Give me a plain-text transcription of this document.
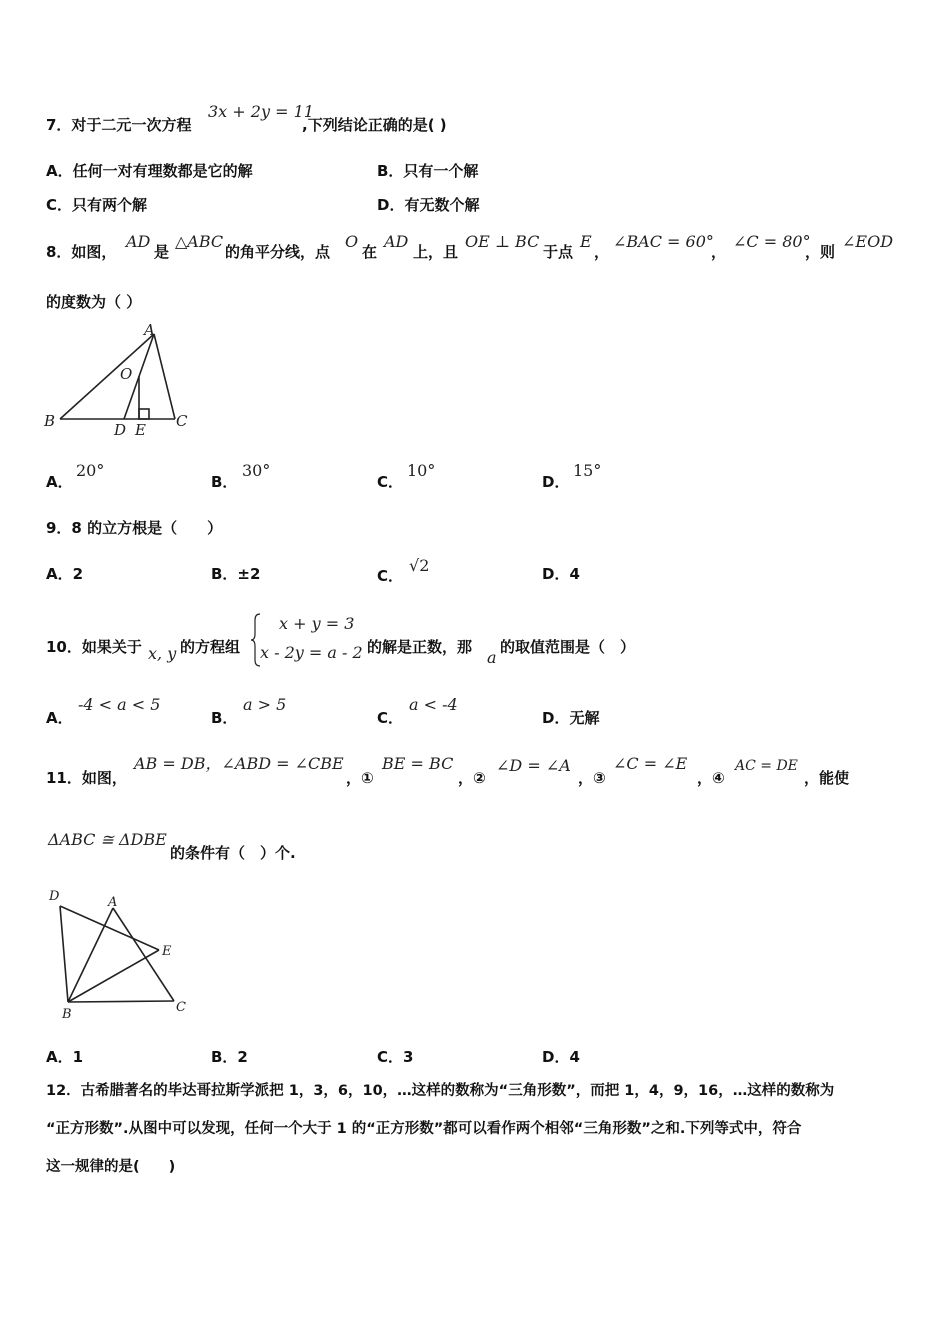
7．对于二元一次方程
3x + 2y = 11
,下列结论正确的是( )
A．任何一对有理数都是它的解	B．只有一个解
C．只有两个解	D．有无数个解
8．如图，
AD
是
△ABC
的角平分线，点
O
在
AD
上，且
OE ⊥ BC
于点
E
，
∠BAC = 60°
，
∠C = 80°
，则
∠EOD
的度数为（ ）
A
O
B	D E C
A．
20°
B．
30°
C．
10°
D．
15°
9．8 的立方根是（　　）
A．2	B．±2	C．
√2	D．4
10．如果关于 x, y 的方程组
x + y = 3
x - 2y = a - 2 的解是正数，那
a
的取值范围是（　）
A．
-4 < a < 5
B．
a > 5
C．
a < -4
D．无解
11．如图，
AB = DB，∠ABD = ∠CBE
，①
BE = BC
，②
∠D = ∠A
，③
∠C = ∠E
，④
AC = DE
，能使
ΔABC ≅ ΔDBE
的条件有（　）个.
D	A
E
B	C
A．1	B．2	C．3	D．4
12．古希腊著名的毕达哥拉斯学派把 1，3，6，10，…这样的数称为“三角形数”，而把 1，4，9，16，…这样的数称为
“正方形数”.从图中可以发现，任何一个大于 1 的“正方形数”都可以看作两个相邻“三角形数”之和.下列等式中，符合
这一规律的是(　　)
